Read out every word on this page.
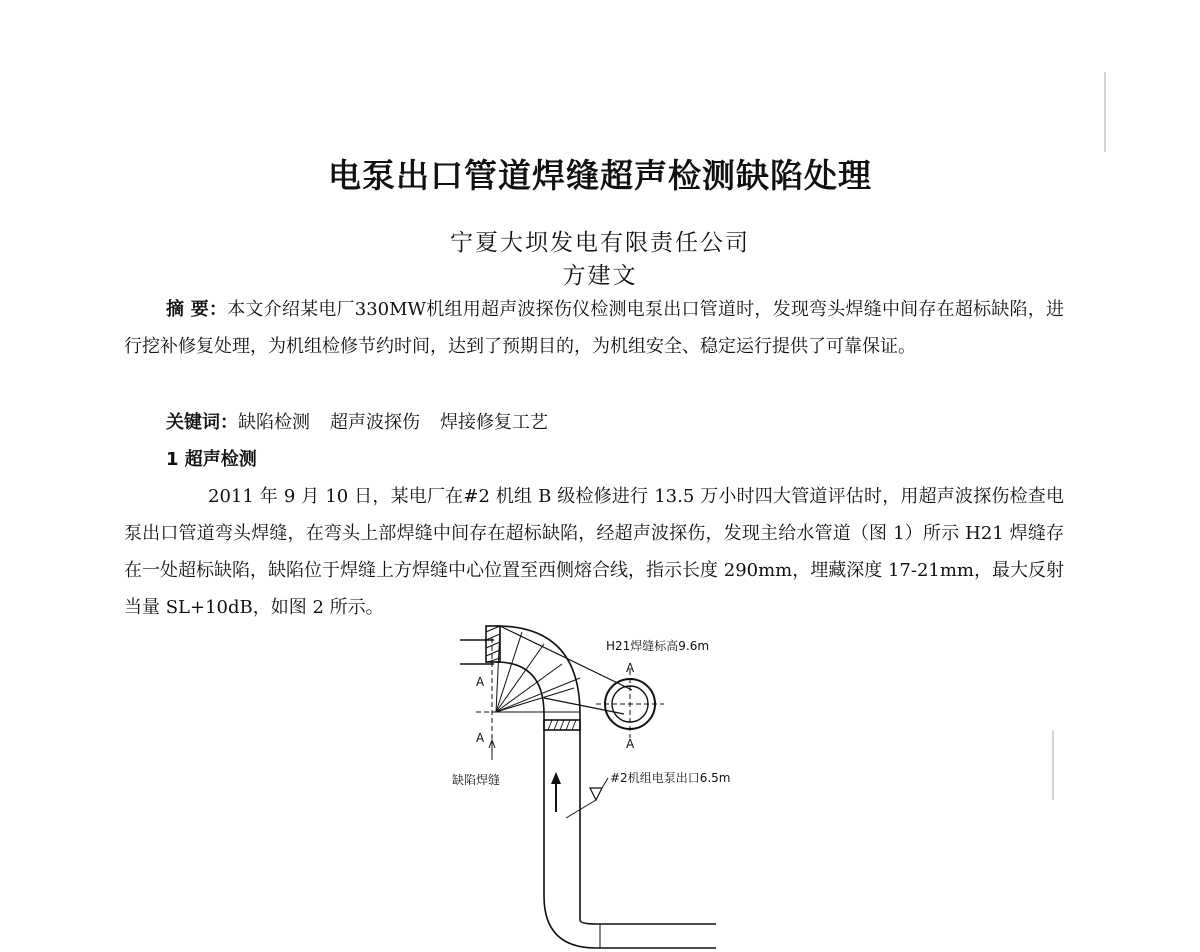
电泵出口管道焊缝超声检测缺陷处理
宁夏大坝发电有限责任公司
方建文

摘 要：本文介绍某电厂330MW机组用超声波探伤仪检测电泵出口管道时，发现弯头焊缝中间存在超标缺陷，进行挖补修复处理，为机组检修节约时间，达到了预期目的，为机组安全、稳定运行提供了可靠保证。

关键词：缺陷检测 超声波探伤 焊接修复工艺

1 超声检测

2011 年 9 月 10 日，某电厂在#2 机组 B 级检修进行 13.5 万小时四大管道评估时，用超声波探伤检查电泵出口管道弯头焊缝，在弯头上部焊缝中间存在超标缺陷，经超声波探伤，发现主给水管道（图 1）所示 H21 焊缝存在一处超标缺陷，缺陷位于焊缝上方焊缝中心位置至西侧熔合线，指示长度 290mm，埋藏深度 17-21mm，最大反射当量 SL+10dB，如图 2 所示。

H21焊缝标高9.6m
A
A
A
A
缺陷焊缝	#2机组电泵出口6.5m
